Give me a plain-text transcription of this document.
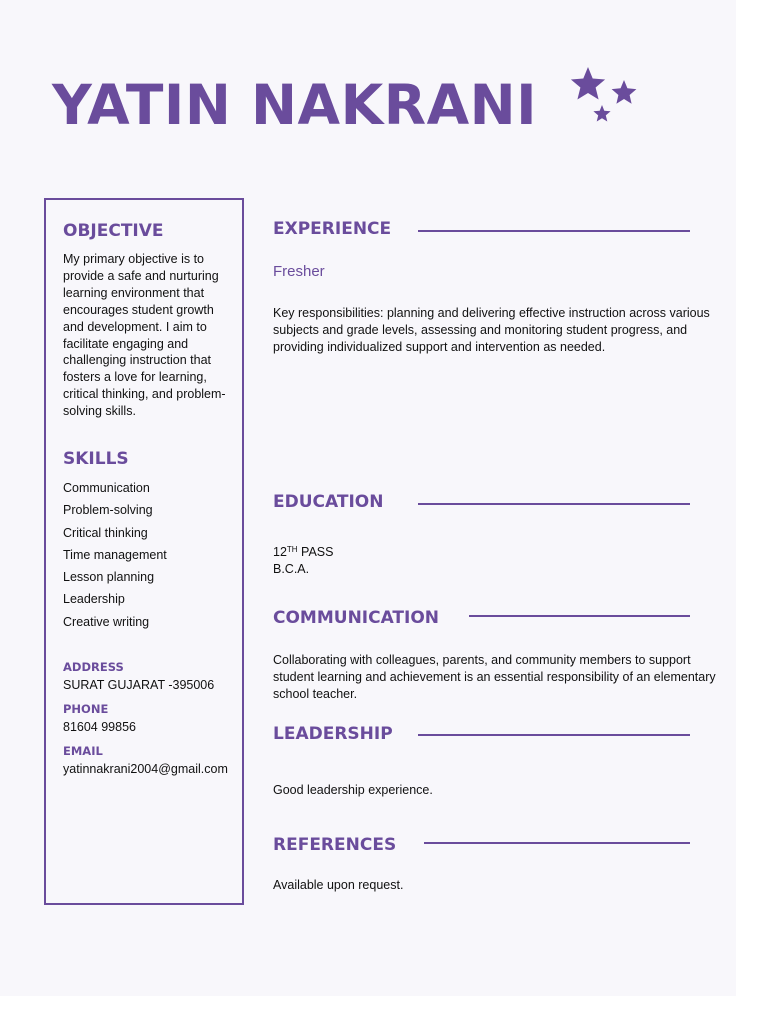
YATIN NAKRANI
OBJECTIVE

My primary objective is to provide a safe and nurturing learning environment that encourages student growth and development. I aim to facilitate engaging and challenging instruction that fosters a love for learning, critical thinking, and problem-solving skills.

SKILLS
Communication
Problem-solving
Critical thinking
Time management
Lesson planning
Leadership
Creative writing
ADDRESS
SURAT GUJARAT -395006
PHONE
81604 99856
EMAIL
yatinnakrani2004@gmail.com
EXPERIENCE
Fresher

Key responsibilities: planning and delivering effective instruction across various subjects and grade levels, assessing and monitoring student progress, and providing individualized support and intervention as needed.

EDUCATION
12TH PASS
B.C.A.
COMMUNICATION

Collaborating with colleagues, parents, and community members to support student learning and achievement is an essential responsibility of an elementary school teacher.

LEADERSHIP

Good leadership experience.

REFERENCES

Available upon request.
